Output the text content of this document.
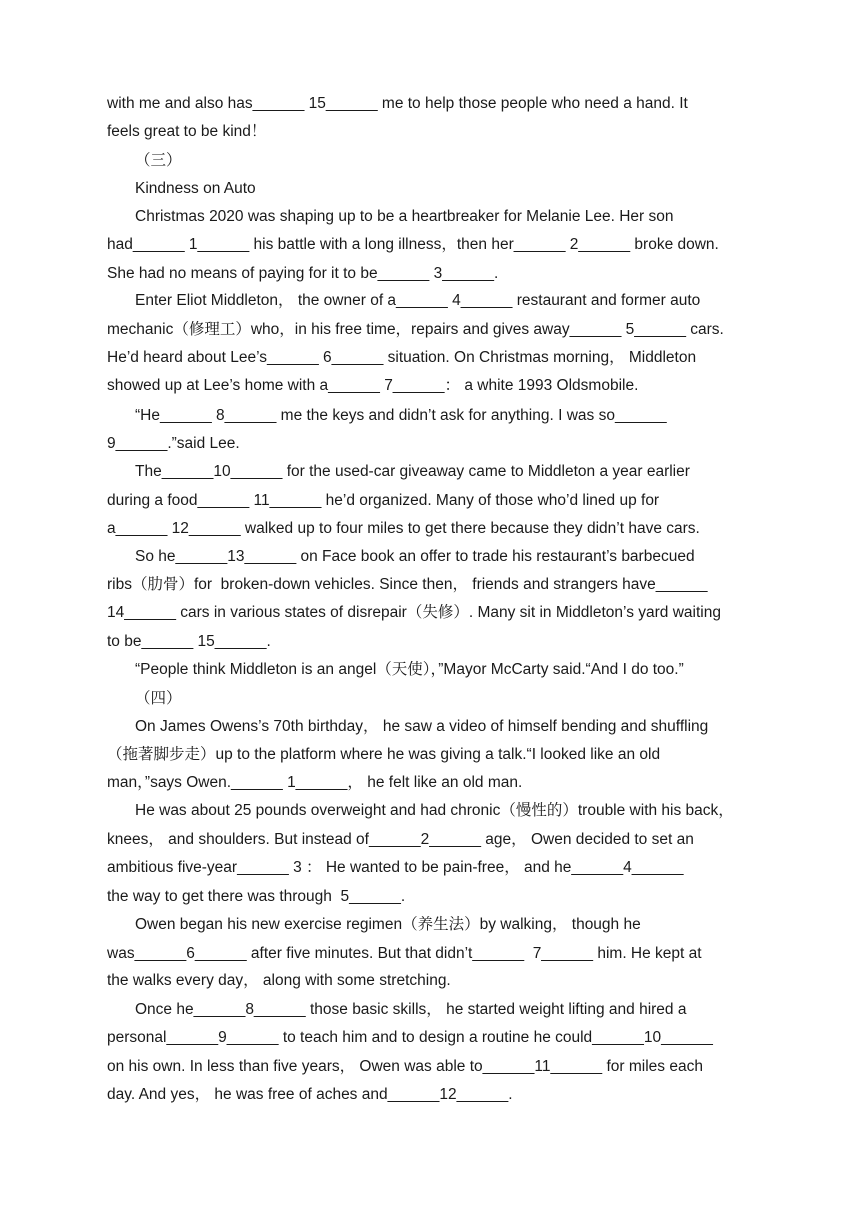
with me and also has______ 15______ me to help those people who need a hand. It

feels great to be kind！

（三）

Kindness on Auto

Christmas 2020 was shaping up to be a heartbreaker for Melanie Lee. Her son

had______ 1______ his battle with a long illness，then her______ 2______ broke down.

She had no means of paying for it to be______ 3______.

Enter Eliot Middleton， the owner of a______ 4______ restaurant and former auto

mechanic（修理工）who，in his free time，repairs and gives away______ 5______ cars.

He’d heard about Lee’s______ 6______ situation. On Christmas morning， Middleton

showed up at Lee’s home with a______ 7______： a white 1993 Oldsmobile.

“He______ 8______ me the keys and didn’t ask for anything. I was so______

9______.”said Lee.

The______10______ for the used-car giveaway came to Middleton a year earlier

during a food______ 11______ he’d organized. Many of those who’d lined up for

a______ 12______ walked up to four miles to get there because they didn’t have cars.

So he______13______ on Face book an offer to trade his restaurant’s barbecued

ribs（肋骨）for  broken-down vehicles. Since then， friends and strangers have______

14______ cars in various states of disrepair（失修）. Many sit in Middleton’s yard waiting

to be______ 15______.

“People think Middleton is an angel（天使），”Mayor McCarty said.“And I do too.”

（四）

On James Owens’s 70th birthday， he saw a video of himself bending and shuffling

（拖著脚步走）up to the platform where he was giving a talk.“I looked like an old

man，”says Owen.______ 1______， he felt like an old man.

He was about 25 pounds overweight and had chronic（慢性的）trouble with his back，

knees， and shoulders. But instead of______2______ age， Owen decided to set an

ambitious five-year______ 3 ： He wanted to be pain-free， and he______4______

the way to get there was through  5______.

Owen began his new exercise regimen（养生法）by walking， though he

was______6______ after five minutes. But that didn’t______  7______ him. He kept at

the walks every day， along with some stretching.

Once he______8______ those basic skills， he started weight lifting and hired a

personal______9______ to teach him and to design a routine he could______10______

on his own. In less than five years， Owen was able to______11______ for miles each

day. And yes， he was free of aches and______12______.
